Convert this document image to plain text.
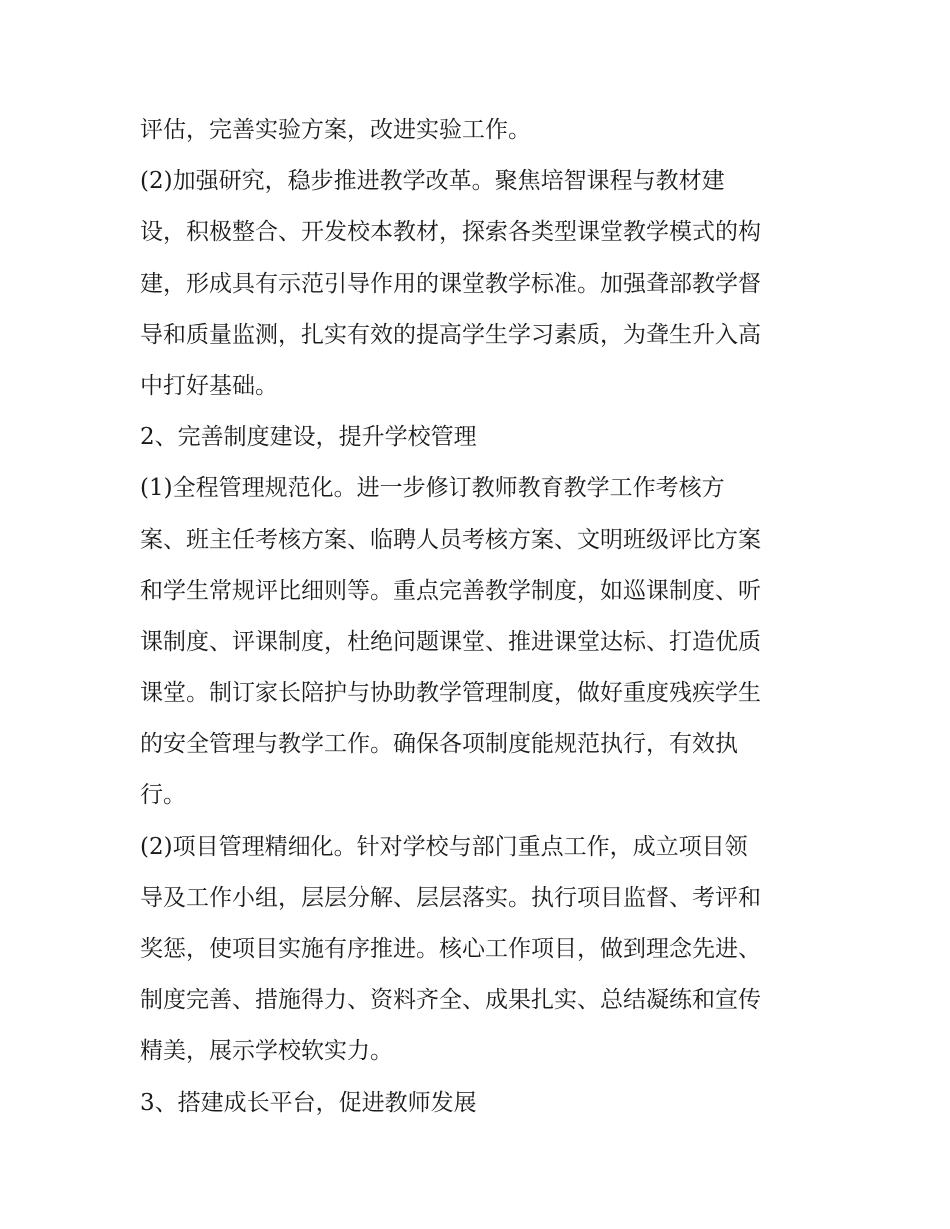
评估，完善实验方案，改进实验工作。
(2)加强研究，稳步推进教学改革。聚焦培智课程与教材建
设，积极整合、开发校本教材，探索各类型课堂教学模式的构
建，形成具有示范引导作用的课堂教学标准。加强聋部教学督
导和质量监测，扎实有效的提高学生学习素质，为聋生升入高
中打好基础。
2、完善制度建设，提升学校管理
(1)全程管理规范化。进一步修订教师教育教学工作考核方
案、班主任考核方案、临聘人员考核方案、文明班级评比方案
和学生常规评比细则等。重点完善教学制度，如巡课制度、听
课制度、评课制度，杜绝问题课堂、推进课堂达标、打造优质
课堂。制订家长陪护与协助教学管理制度，做好重度残疾学生
的安全管理与教学工作。确保各项制度能规范执行，有效执
行。
(2)项目管理精细化。针对学校与部门重点工作，成立项目领
导及工作小组，层层分解、层层落实。执行项目监督、考评和
奖惩，使项目实施有序推进。核心工作项目，做到理念先进、
制度完善、措施得力、资料齐全、成果扎实、总结凝练和宣传
精美，展示学校软实力。
3、搭建成长平台，促进教师发展
